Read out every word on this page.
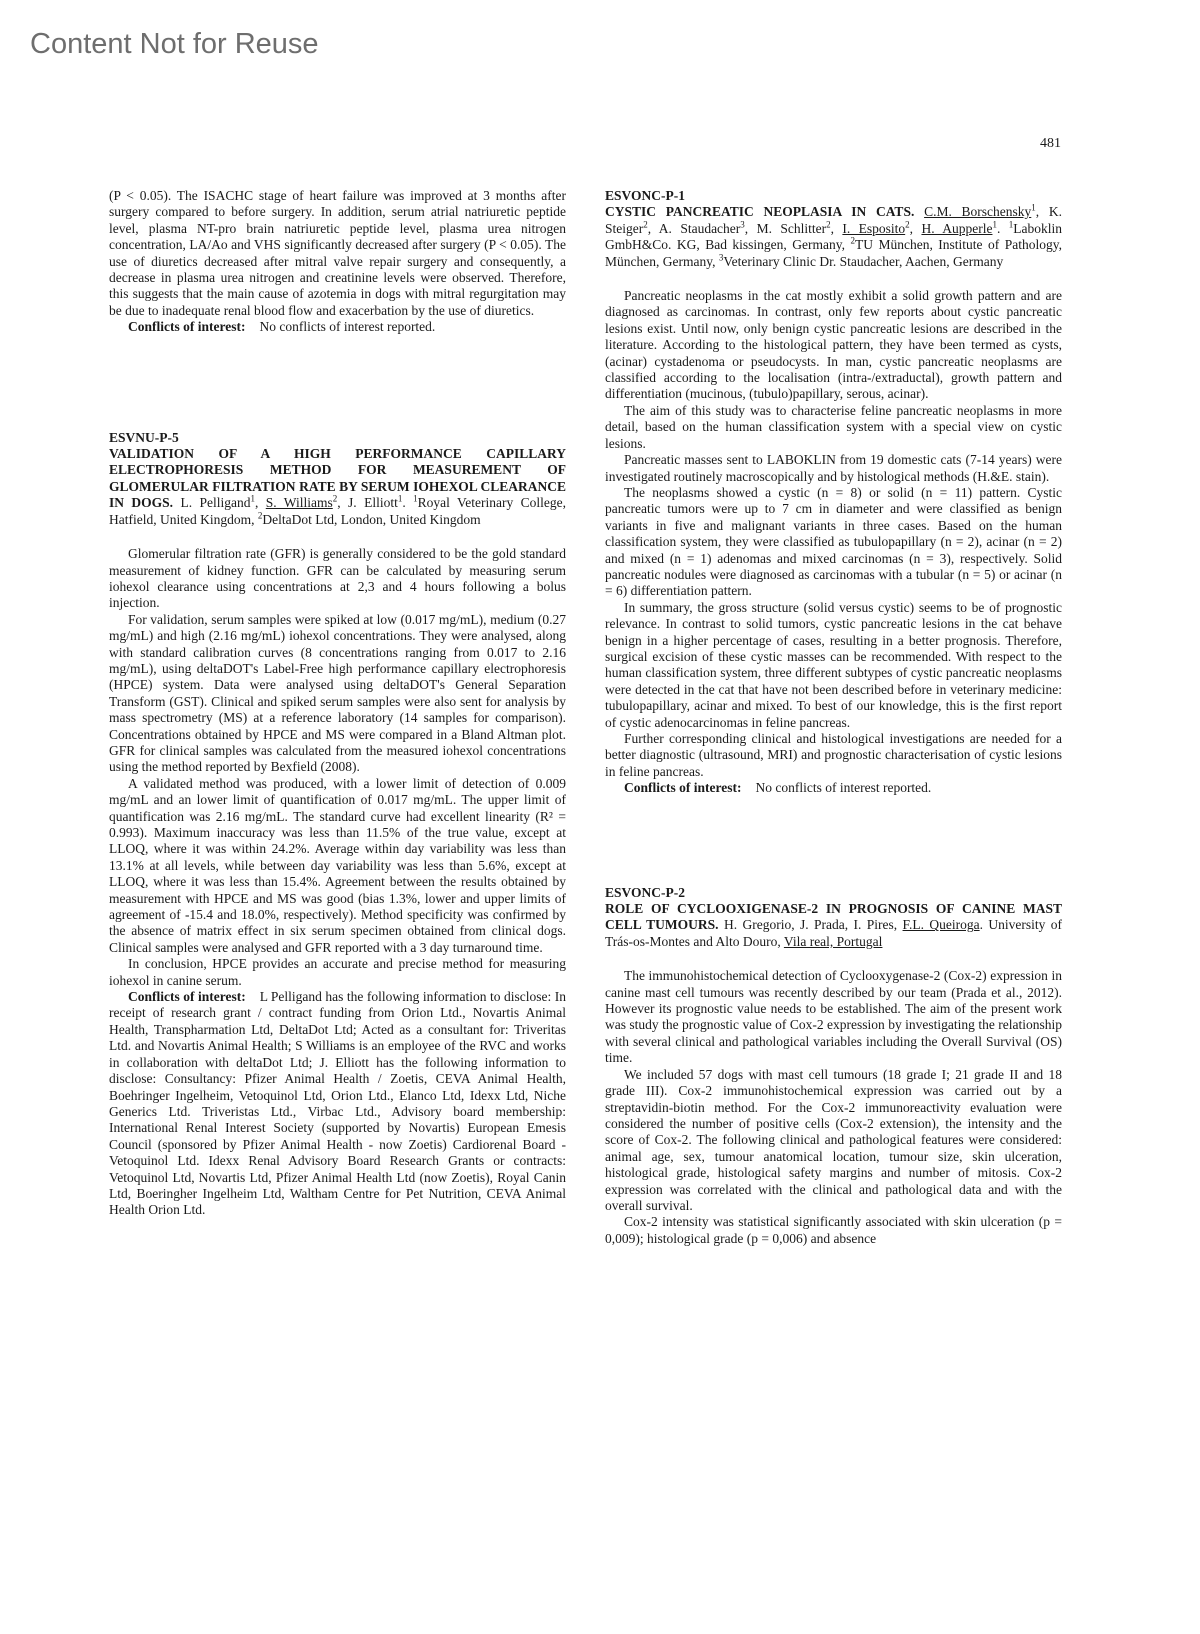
Content Not for Reuse
481

(P < 0.05). The ISACHC stage of heart failure was improved at 3 months after surgery compared to before surgery. In addition, serum atrial natriuretic peptide level, plasma NT-pro brain natriuretic peptide level, plasma urea nitrogen concentration, LA/Ao and VHS significantly decreased after surgery (P < 0.05). The use of diuretics decreased after mitral valve repair surgery and consequently, a decrease in plasma urea nitrogen and creatinine levels were observed. Therefore, this suggests that the main cause of azotemia in dogs with mitral regurgitation may be due to inadequate renal blood flow and exacerbation by the use of diuretics.

Conflicts of interest: No conflicts of interest reported.

ESVNU-P-5

VALIDATION OF A HIGH PERFORMANCE CAPILLARY ELECTROPHORESIS METHOD FOR MEASUREMENT OF GLOMERULAR FILTRATION RATE BY SERUM IOHEXOL CLEARANCE IN DOGS. L. Pelligand$^1$, S. Williams$^2$, J. Elliott$^1$. $^1$Royal Veterinary College, Hatfield, United Kingdom, $^2$DeltaDot Ltd, London, United Kingdom

Glomerular filtration rate (GFR) is generally considered to be the gold standard measurement of kidney function. GFR can be calculated by measuring serum iohexol clearance using concentrations at 2,3 and 4 hours following a bolus injection.

For validation, serum samples were spiked at low (0.017 mg/mL), medium (0.27 mg/mL) and high (2.16 mg/mL) iohexol concentrations. They were analysed, along with standard calibration curves (8 concentrations ranging from 0.017 to 2.16 mg/mL), using deltaDOT's Label-Free high performance capillary electrophoresis (HPCE) system. Data were analysed using deltaDOT's General Separation Transform (GST). Clinical and spiked serum samples were also sent for analysis by mass spectrometry (MS) at a reference laboratory (14 samples for comparison). Concentrations obtained by HPCE and MS were compared in a Bland Altman plot. GFR for clinical samples was calculated from the measured iohexol concentrations using the method reported by Bexfield (2008).

A validated method was produced, with a lower limit of detection of 0.009 mg/mL and an lower limit of quantification of 0.017 mg/mL. The upper limit of quantification was 2.16 mg/mL. The standard curve had excellent linearity (R² = 0.993). Maximum inaccuracy was less than 11.5% of the true value, except at LLOQ, where it was within 24.2%. Average within day variability was less than 13.1% at all levels, while between day variability was less than 5.6%, except at LLOQ, where it was less than 15.4%. Agreement between the results obtained by measurement with HPCE and MS was good (bias 1.3%, lower and upper limits of agreement of -15.4 and 18.0%, respectively). Method specificity was confirmed by the absence of matrix effect in six serum specimen obtained from clinical dogs. Clinical samples were analysed and GFR reported with a 3 day turnaround time.

In conclusion, HPCE provides an accurate and precise method for measuring iohexol in canine serum.

Conflicts of interest: L Pelligand has the following information to disclose: In receipt of research grant / contract funding from Orion Ltd., Novartis Animal Health, Transpharmation Ltd, DeltaDot Ltd; Acted as a consultant for: Triveritas Ltd. and Novartis Animal Health; S Williams is an employee of the RVC and works in collaboration with deltaDot Ltd; J. Elliott has the following information to disclose: Consultancy: Pfizer Animal Health / Zoetis, CEVA Animal Health, Boehringer Ingelheim, Vetoquinol Ltd, Orion Ltd., Elanco Ltd, Idexx Ltd, Niche Generics Ltd. Triveristas Ltd., Virbac Ltd., Advisory board membership: International Renal Interest Society (supported by Novartis) European Emesis Council (sponsored by Pfizer Animal Health - now Zoetis) Cardiorenal Board - Vetoquinol Ltd. Idexx Renal Advisory Board Research Grants or contracts: Vetoquinol Ltd, Novartis Ltd, Pfizer Animal Health Ltd (now Zoetis), Royal Canin Ltd, Boeringher Ingelheim Ltd, Waltham Centre for Pet Nutrition, CEVA Animal Health Orion Ltd.

ESVONC-P-1

CYSTIC PANCREATIC NEOPLASIA IN CATS. C.M. Borschensky$^1$, K. Steiger$^2$, A. Staudacher$^3$, M. Schlitter$^2$, I. Esposito$^2$, H. Aupperle$^1$. $^1$Laboklin GmbH&Co. KG, Bad kissingen, Germany, $^2$TU München, Institute of Pathology, München, Germany, $^3$Veterinary Clinic Dr. Staudacher, Aachen, Germany

Pancreatic neoplasms in the cat mostly exhibit a solid growth pattern and are diagnosed as carcinomas. In contrast, only few reports about cystic pancreatic lesions exist. Until now, only benign cystic pancreatic lesions are described in the literature. According to the histological pattern, they have been termed as cysts, (acinar) cystadenoma or pseudocysts. In man, cystic pancreatic neoplasms are classified according to the localisation (intra-/extraductal), growth pattern and differentiation (mucinous, (tubulo)papillary, serous, acinar).

The aim of this study was to characterise feline pancreatic neoplasms in more detail, based on the human classification system with a special view on cystic lesions.

Pancreatic masses sent to LABOKLIN from 19 domestic cats (7-14 years) were investigated routinely macroscopically and by histological methods (H.&E. stain).

The neoplasms showed a cystic (n = 8) or solid (n = 11) pattern. Cystic pancreatic tumors were up to 7 cm in diameter and were classified as benign variants in five and malignant variants in three cases. Based on the human classification system, they were classified as tubulopapillary (n = 2), acinar (n = 2) and mixed (n = 1) adenomas and mixed carcinomas (n = 3), respectively. Solid pancreatic nodules were diagnosed as carcinomas with a tubular (n = 5) or acinar (n = 6) differentiation pattern.

In summary, the gross structure (solid versus cystic) seems to be of prognostic relevance. In contrast to solid tumors, cystic pancreatic lesions in the cat behave benign in a higher percentage of cases, resulting in a better prognosis. Therefore, surgical excision of these cystic masses can be recommended. With respect to the human classification system, three different subtypes of cystic pancreatic neoplasms were detected in the cat that have not been described before in veterinary medicine: tubulopapillary, acinar and mixed. To best of our knowledge, this is the first report of cystic adenocarcinomas in feline pancreas.

Further corresponding clinical and histological investigations are needed for a better diagnostic (ultrasound, MRI) and prognostic characterisation of cystic lesions in feline pancreas.

Conflicts of interest: No conflicts of interest reported.

ESVONC-P-2

ROLE OF CYCLOOXIGENASE-2 IN PROGNOSIS OF CANINE MAST CELL TUMOURS. H. Gregorio, J. Prada, I. Pires, F.L. Queiroga. University of Trás-os-Montes and Alto Douro, Vila real, Portugal

The immunohistochemical detection of Cyclooxygenase-2 (Cox-2) expression in canine mast cell tumours was recently described by our team (Prada et al., 2012). However its prognostic value needs to be established. The aim of the present work was study the prognostic value of Cox-2 expression by investigating the relationship with several clinical and pathological variables including the Overall Survival (OS) time.

We included 57 dogs with mast cell tumours (18 grade I; 21 grade II and 18 grade III). Cox-2 immunohistochemical expression was carried out by a streptavidin-biotin method. For the Cox-2 immunoreactivity evaluation were considered the number of positive cells (Cox-2 extension), the intensity and the score of Cox-2. The following clinical and pathological features were considered: animal age, sex, tumour anatomical location, tumour size, skin ulceration, histological grade, histological safety margins and number of mitosis. Cox-2 expression was correlated with the clinical and pathological data and with the overall survival.

Cox-2 intensity was statistical significantly associated with skin ulceration (p = 0,009); histological grade (p = 0,006) and absence
